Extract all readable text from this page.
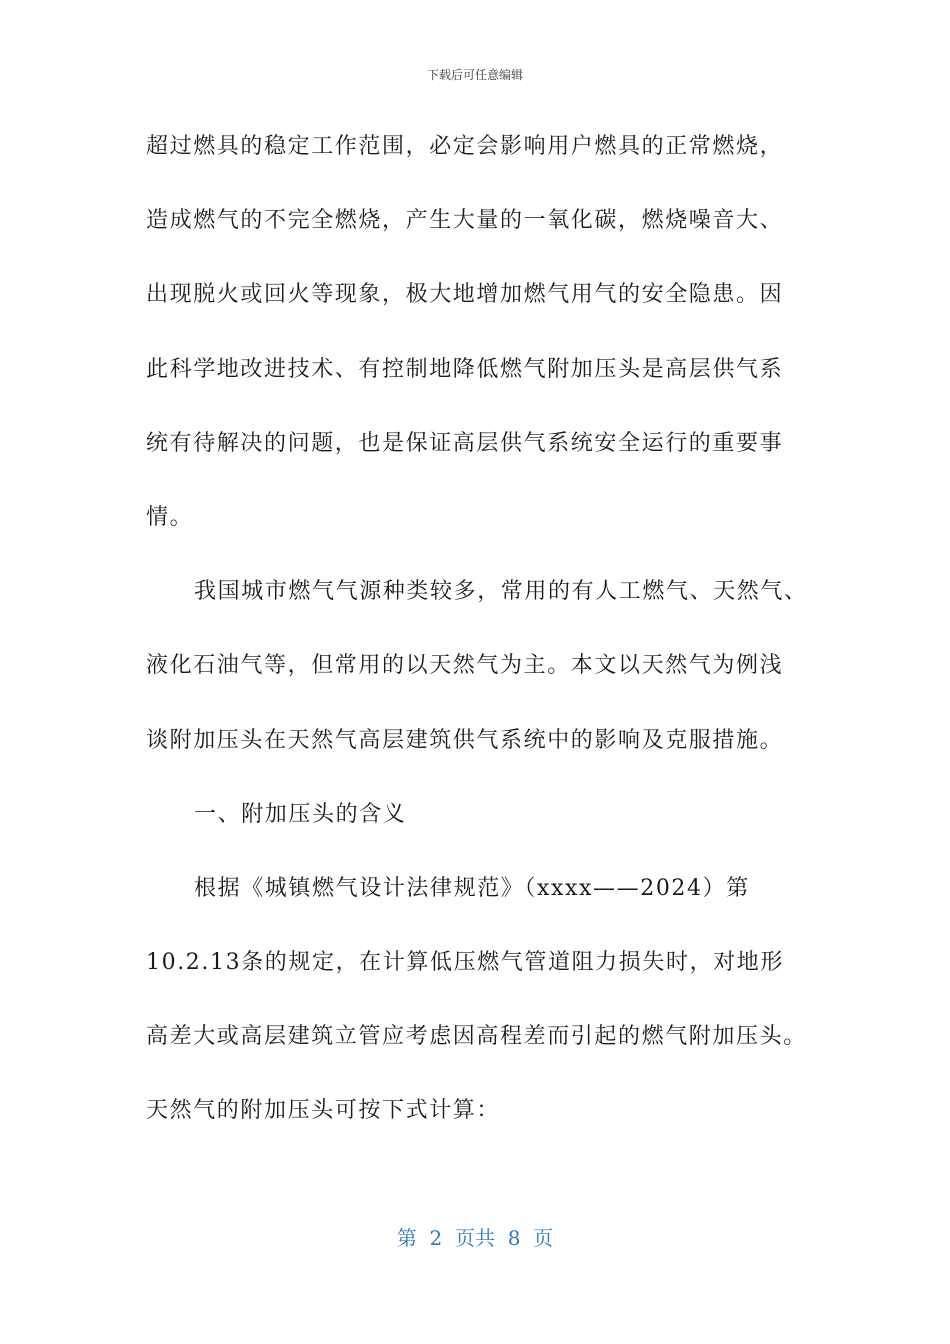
下载后可任意编辑
超过燃具的稳定工作范围，必定会影响用户燃具的正常燃烧，
造成燃气的不完全燃烧，产生大量的一氧化碳，燃烧噪音大、
出现脱火或回火等现象，极大地增加燃气用气的安全隐患。因
此科学地改进技术、有控制地降低燃气附加压头是高层供气系
统有待解决的问题，也是保证高层供气系统安全运行的重要事
情。
我国城市燃气气源种类较多，常用的有人工燃气、天然气、
液化石油气等，但常用的以天然气为主。本文以天然气为例浅
谈附加压头在天然气高层建筑供气系统中的影响及克服措施。
一、附加压头的含义
根据《城镇燃气设计法律规范》（xxxx——2024）第
10.2.13条的规定，在计算低压燃气管道阻力损失时，对地形
高差大或高层建筑立管应考虑因高程差而引起的燃气附加压头。
天然气的附加压头可按下式计算：
第  2  页共  8  页
